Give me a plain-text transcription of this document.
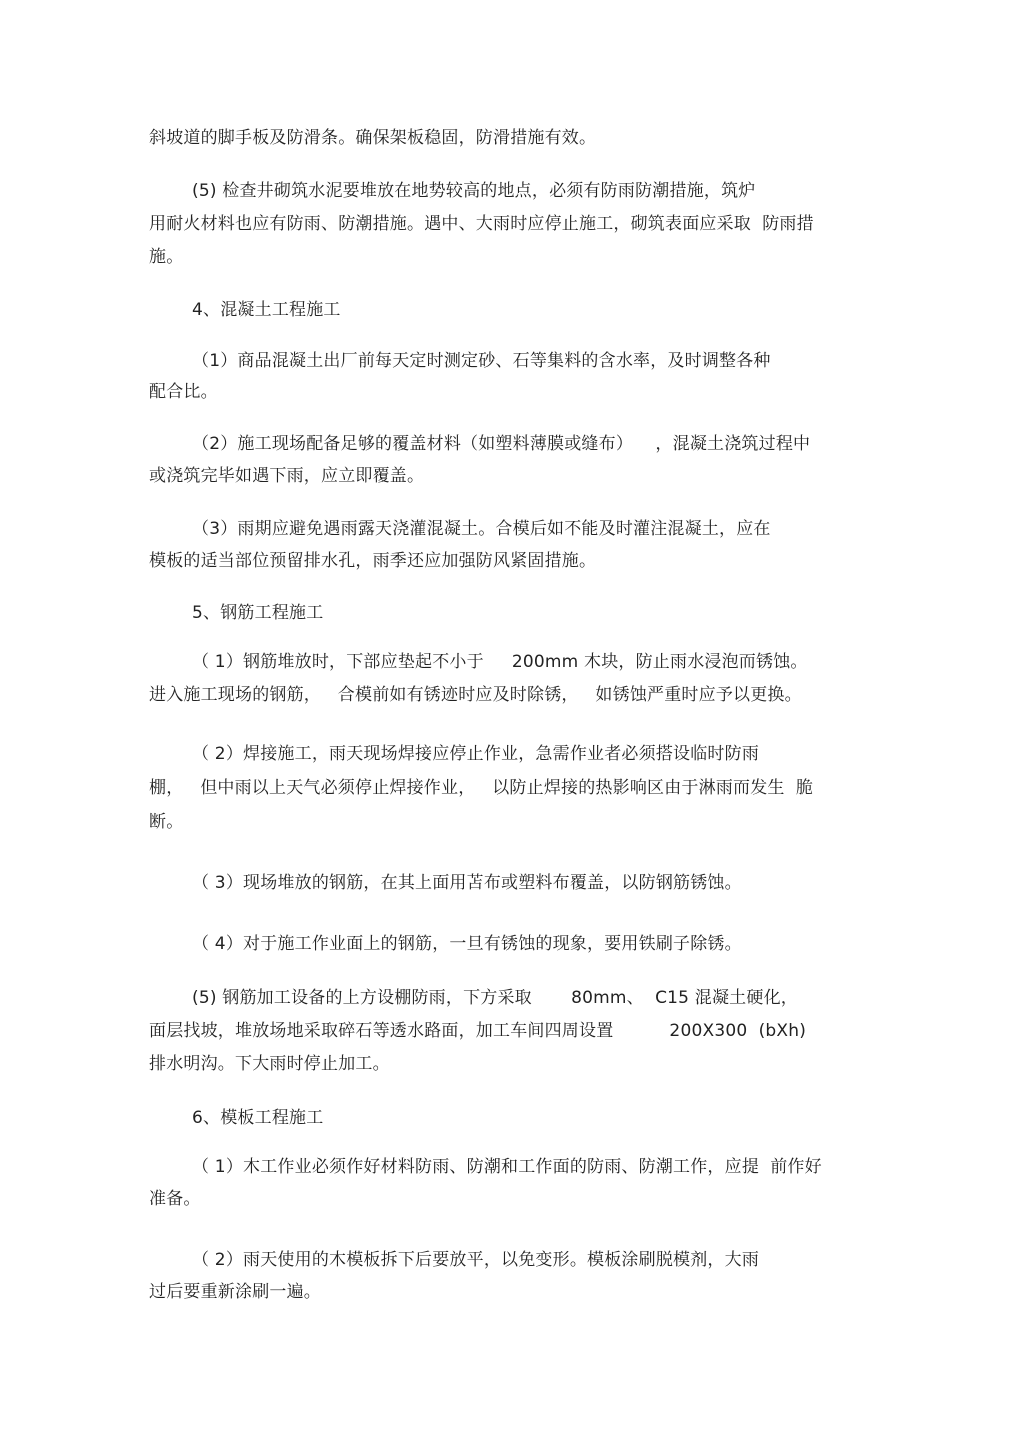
斜坡道的脚手板及防滑条。确保架板稳固，防滑措施有效。
(5) 检查井砌筑水泥要堆放在地势较高的地点，必须有防雨防潮措施，筑炉
用耐火材料也应有防雨、防潮措施。遇中、大雨时应停止施工，砌筑表面应采取  防雨措
施。
4、混凝土工程施工
（1）商品混凝土出厂前每天定时测定砂、石等集料的含水率，及时调整各种
配合比。
（2）施工现场配备足够的覆盖材料（如塑料薄膜或缝布）    ，混凝土浇筑过程中
或浇筑完毕如遇下雨，应立即覆盖。
（3）雨期应避免遇雨露天浇灌混凝土。合模后如不能及时灌注混凝土，应在
模板的适当部位预留排水孔，雨季还应加强防风紧固措施。
5、钢筋工程施工
（ 1）钢筋堆放时，下部应垫起不小于     200mm 木块，防止雨水浸泡而锈蚀。
进入施工现场的钢筋，   合模前如有锈迹时应及时除锈，   如锈蚀严重时应予以更换。
（ 2）焊接施工，雨天现场焊接应停止作业，急需作业者必须搭设临时防雨
棚，   但中雨以上天气必须停止焊接作业，   以防止焊接的热影响区由于淋雨而发生  脆
断。
（ 3）现场堆放的钢筋，在其上面用苫布或塑料布覆盖，以防钢筋锈蚀。
（ 4）对于施工作业面上的钢筋，一旦有锈蚀的现象，要用铁刷子除锈。
(5) 钢筋加工设备的上方设棚防雨，下方采取       80mm、  C15 混凝土硬化，
面层找坡，堆放场地采取碎石等透水路面，加工车间四周设置          200X300  (bXh)
排水明沟。下大雨时停止加工。
6、模板工程施工
（ 1）木工作业必须作好材料防雨、防潮和工作面的防雨、防潮工作，应提  前作好
准备。
（ 2）雨天使用的木模板拆下后要放平，以免变形。模板涂刷脱模剂，大雨
过后要重新涂刷一遍。
